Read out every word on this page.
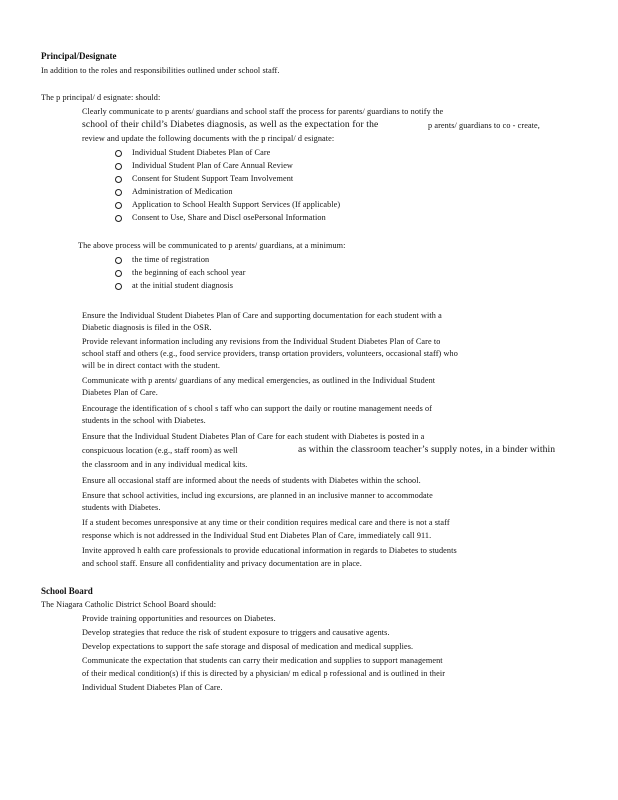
Principal/Designate
In addition to the roles and responsibilities outlined under school staff.
The p principal/ d esignate: should:
Clearly communicate to p arents/ guardians and school staff the process for parents/ guardians to notify the
school of their child’s Diabetes diagnosis, as well as the expectation for the	p arents/ guardians to co - create,
review and update the following documents with the p rincipal/ d esignate:
Individual Student Diabetes Plan of Care
Individual Student Plan of Care Annual Review
Consent for Student Support Team Involvement
Administration of Medication
Application to School Health Support Services (If applicable)
Consent to Use, Share and Discl osePersonal Information
The above process will be communicated to p arents/ guardians, at a minimum:
the time of registration
the beginning of each school year
at the initial student diagnosis
Ensure the Individual Student Diabetes Plan of Care and supporting documentation for each student with a
Diabetic diagnosis is filed in the OSR.
Provide relevant information including any revisions from the Individual Student Diabetes Plan of Care to
school staff and others (e.g., food service providers, transp ortation providers, volunteers, occasional staff) who
will be in direct contact with the student.
Communicate with p arents/ guardians of any medical emergencies, as outlined in the Individual Student
Diabetes Plan of Care.
Encourage the identification of s chool s taff who can support the daily or routine management needs of
students in the school with Diabetes.
Ensure that the Individual Student Diabetes Plan of Care for each student with Diabetes is posted in a
conspicuous location (e.g., staff room) as well	as within the classroom teacher’s supply notes, in a binder within
the classroom and in any individual medical kits.
Ensure all occasional staff are informed about the needs of students with Diabetes within the school.
Ensure that school activities, includ ing excursions, are planned in an inclusive manner to accommodate
students with Diabetes.
If a student becomes unresponsive at any time or their condition requires medical care and there is not a staff
response which is not addressed in the Individual Stud ent Diabetes Plan of Care, immediately call 911.
Invite approved h ealth care professionals to provide educational information in regards to Diabetes to students
and school staff. Ensure all confidentiality and privacy documentation are in place.
School Board
The Niagara Catholic District School Board should:
Provide training opportunities and resources on Diabetes.
Develop strategies that reduce the risk of student exposure to triggers and causative agents.
Develop expectations to support the safe storage and disposal of medication and medical supplies.
Communicate the expectation that students can carry their medication and supplies to support management
of their medical condition(s) if this is directed by a physician/ m edical p rofessional and is outlined in their
Individual Student Diabetes Plan of Care.
